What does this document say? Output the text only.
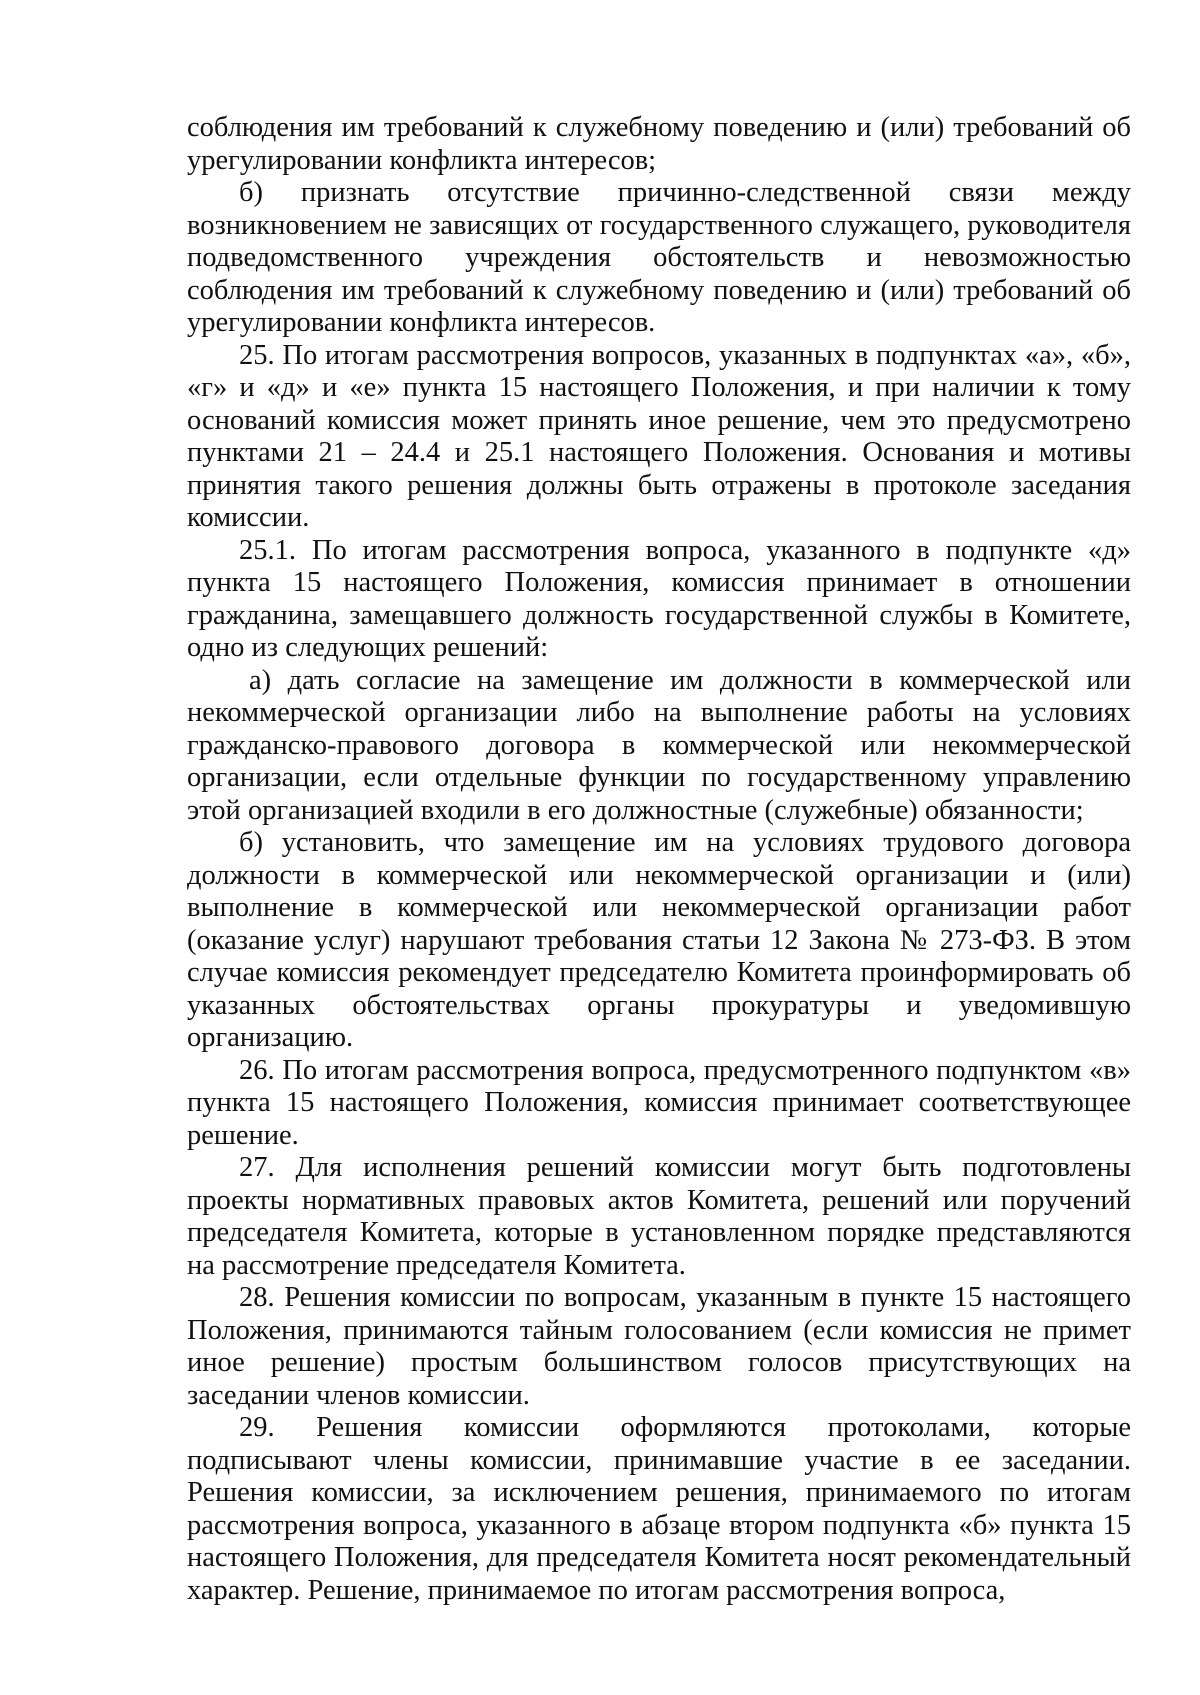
соблюдения им требований к служебному поведению и (или) требований об урегулировании конфликта интересов;

б) признать отсутствие причинно-следственной связи между возникновением не зависящих от государственного служащего, руководителя подведомственного учреждения обстоятельств и невозможностью соблюдения им требований к служебному поведению и (или) требований об урегулировании конфликта интересов.

25. По итогам рассмотрения вопросов, указанных в подпунктах «а», «б», «г» и «д» и «е» пункта 15 настоящего Положения, и при наличии к тому оснований комиссия может принять иное решение, чем это предусмотрено пунктами 21 – 24.4 и 25.1 настоящего Положения. Основания и мотивы принятия такого решения должны быть отражены в протоколе заседания комиссии.

25.1. По итогам рассмотрения вопроса, указанного в подпункте «д» пункта 15 настоящего Положения, комиссия принимает в отношении гражданина, замещавшего должность государственной службы в Комитете, одно из следующих решений:

а) дать согласие на замещение им должности в коммерческой или некоммерческой организации либо на выполнение работы на условиях гражданско-правового договора в коммерческой или некоммерческой организации, если отдельные функции по государственному управлению этой организацией входили в его должностные (служебные) обязанности;

б) установить, что замещение им на условиях трудового договора должности в коммерческой или некоммерческой организации и (или) выполнение в коммерческой или некоммерческой организации работ (оказание услуг) нарушают требования статьи 12 Закона № 273-ФЗ. В этом случае комиссия рекомендует председателю Комитета проинформировать об указанных обстоятельствах органы прокуратуры и уведомившую организацию.

26. По итогам рассмотрения вопроса, предусмотренного подпунктом «в» пункта 15 настоящего Положения, комиссия принимает соответствующее решение.

27. Для исполнения решений комиссии могут быть подготовлены проекты нормативных правовых актов Комитета, решений или поручений председателя Комитета, которые в установленном порядке представляются на рассмотрение председателя Комитета.

28. Решения комиссии по вопросам, указанным в пункте 15 настоящего Положения, принимаются тайным голосованием (если комиссия не примет иное решение) простым большинством голосов присутствующих на заседании членов комиссии.

29. Решения комиссии оформляются протоколами, которые подписывают члены комиссии, принимавшие участие в ее заседании. Решения комиссии, за исключением решения, принимаемого по итогам рассмотрения вопроса, указанного в абзаце втором подпункта «б» пункта 15 настоящего Положения, для председателя Комитета носят рекомендательный характер. Решение, принимаемое по итогам рассмотрения вопроса,
